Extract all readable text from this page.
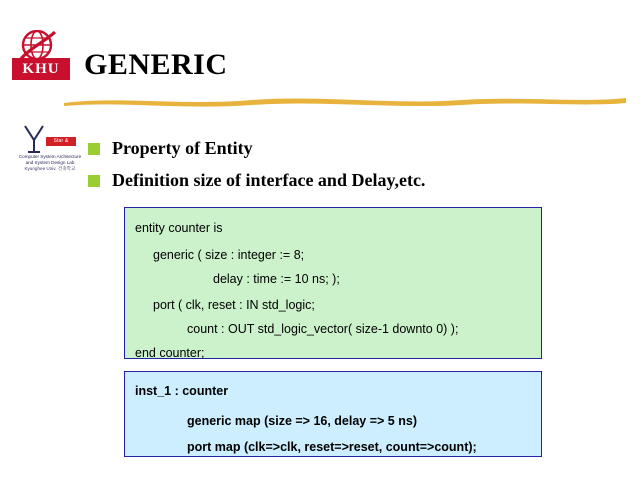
KHU GENERIC
Star & Institute
Computer System Architecture
and System Design Lab
Kyunghee Univ. 건축학교
Property of Entity
Definition size of interface and Delay,etc.
entity counter is
generic ( size : integer := 8;
delay : time := 10 ns; );
port ( clk, reset : IN std_logic;
count : OUT std_logic_vector( size-1 downto 0) );
end counter;
inst_1 : counter
generic map (size => 16, delay => 5 ns)
port map (clk=>clk, reset=>reset, count=>count);
